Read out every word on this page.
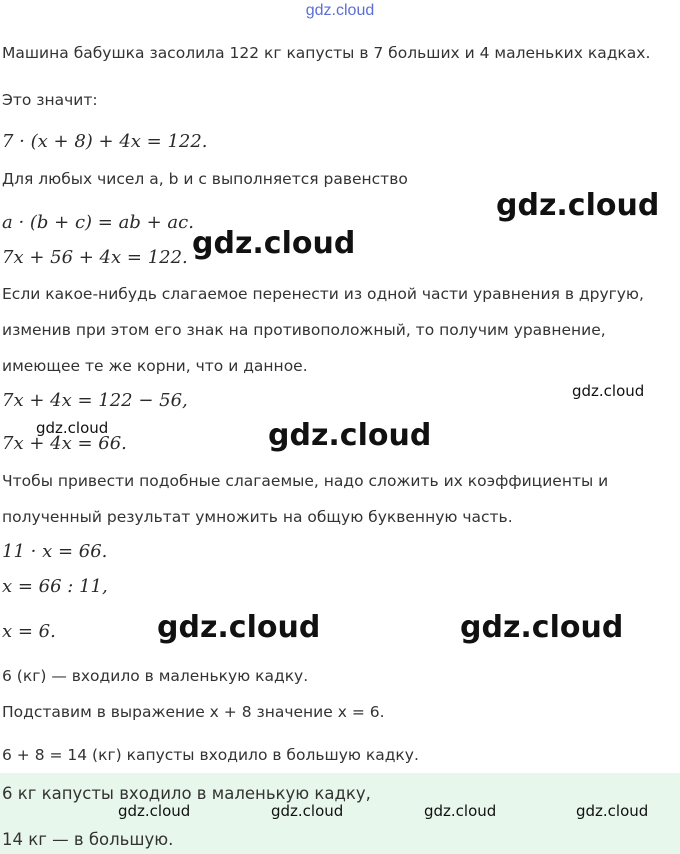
gdz.cloud
Машина бабушка засолила 122 кг капусты в 7 больших и 4 маленьких кадках.
Это значит:
7 · (x + 8) + 4x = 122.
Для любых чисел a, b и c выполняется равенство
a · (b + c) = ab + ac.
7x + 56 + 4x = 122.
Если какое-нибудь слагаемое перенести из одной части уравнения в другую,
изменив при этом его знак на противоположный, то получим уравнение,
имеющее те же корни, что и данное.
7x + 4x = 122 − 56,
7x + 4x = 66.
Чтобы привести подобные слагаемые, надо сложить их коэффициенты и
полученный результат умножить на общую буквенную часть.
11 · x = 66.
x = 66 : 11,
x = 6.
6 (кг) — входило в маленькую кадку.
Подставим в выражение x + 8 значение x = 6.
6 + 8 = 14 (кг) капусты входило в большую кадку.
6 кг капусты входило в маленькую кадку,
14 кг — в большую.
gdz.cloud
gdz.cloud
gdz.cloud
gdz.cloud	gdz.cloud
gdz.cloud	gdz.cloud
gdz.cloud	gdz.cloud	gdz.cloud	gdz.cloud
